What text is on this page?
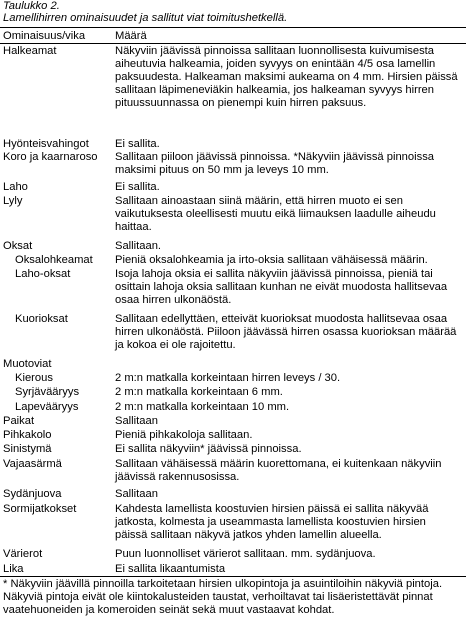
Taulukko 2.
Lamellihirren ominaisuudet ja sallitut viat toimitushetkellä.
Ominaisuus/vika	Määrä
Halkeamat	Näkyviin jäävissä pinnoissa sallitaan luonnollisesta kuivumisesta aiheutuvia halkeamia, joiden syvyys on enintään 4/5 osa lamellin paksuudesta. Halkeaman maksimi aukeama on 4 mm. Hirsien päissä sallitaan läpimeneviäkin halkeamia, jos halkeaman syvyys hirren pituussuunnassa on pienempi kuin hirren paksuus.
Hyönteisvahingot	Ei sallita.
Koro ja kaarnaroso	Sallitaan piiloon jäävissä pinnoissa. *Näkyviin jäävissä pinnoissa maksimi pituus on 50 mm ja leveys 10 mm.
Laho	Ei sallita.
Lyly	Sallitaan ainoastaan siinä määrin, että hirren muoto ei sen vaikutuksesta oleellisesti muutu eikä liimauksen laadulle aiheudu haittaa.
Oksat	Sallitaan.
Oksalohkeamat	Pieniä oksalohkeamia ja irto-oksia sallitaan vähäisessä määrin.
Laho-oksat	Isoja lahoja oksia ei sallita näkyviin jäävissä pinnoissa, pieniä tai osittain lahoja oksia sallitaan kunhan ne eivät muodosta hallitsevaa osaa hirren ulkonäöstä.
Kuorioksat	Sallitaan edellyttäen, etteivät kuorioksat muodosta hallitsevaa osaa hirren ulkonäöstä. Piiloon jäävässä hirren osassa kuorioksan määrää ja kokoa ei ole rajoitettu.
Muotoviat
Kierous	2 m:n matkalla korkeintaan hirren leveys / 30.
Syrjävääryys	2 m:n matkalla korkeintaan 6 mm.
Lapevääryys	2 m:n matkalla korkeintaan 10 mm.
Paikat	Sallitaan
Pihkakolo	Pieniä pihkakoloja sallitaan.
Sinistymä	Ei sallita näkyviin* jäävissä pinnoissa.
Vajaasärmä	Sallitaan vähäisessä määrin kuorettomana, ei kuitenkaan näkyviin jäävissä rakennusosissa.
Sydänjuova	Sallitaan
Sormijatkokset	Kahdesta lamellista koostuvien hirsien päissä ei sallita näkyvää jatkosta, kolmesta ja useammasta lamellista koostuvien hirsien päissä sallitaan näkyvä jatkos yhden lamellin alueella.
Värierot	Puun luonnolliset värierot sallitaan. mm. sydänjuova.
Lika	Ei sallita likaantumista
* Näkyviin jäävillä pinnoilla tarkoitetaan hirsien ulkopintoja ja asuintiloihin näkyviä pintoja. Näkyviä pintoja eivät ole kiintokalusteiden taustat, verhoiltavat tai lisäeristettävät pinnat vaatehuoneiden ja komeroiden seinät sekä muut vastaavat kohdat.
